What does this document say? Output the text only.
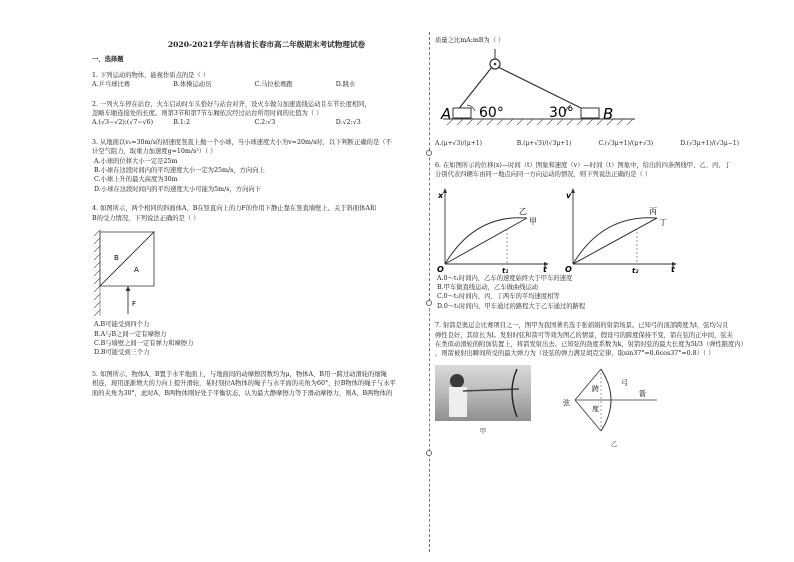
2020-2021学年吉林省长春市高二年级期末考试物理试卷
一、选择题
1. 下列运动的物体，能视作质点的是（ ）
A.乒乓球比赛	B.体操运动员	C.马拉松赛跑	D.跳水
2. 一列火车停在站台，火车启动时车头恰好与站台对齐，设火车做匀加速直线运动且车节长度相同，
忽略车厢连接处的长度。则第3节和第7节车厢依次经过站台所用时间的比值为（ ）
A.(√3−√2):(√7−√6)	B.1:2	C.2:√3	D.√2:√3
3. 从地面以v₀=30m/s的初速度竖直上抛一个小球，当小球速度大小为v=20m/s时，以下判断正确的是（不
计空气阻力，取重力加速度g=10m/s²）（ ）
A.小球的位移大小一定是25m
B.小球在这段时间内的平均速度大小一定为25m/s，方向向上
C.小球上升的最大高度为30m
D.小球在这段时间内的平均速度大小可能为5m/s，方向向下
4. 如图所示，两个相同的斜面体A、B在竖直向上的力F的作用下静止靠在竖直墙壁上。关于斜面体A和
B的受力情况，下列说法正确的是（ ）
B
A
F
A.B可能受到四个力
B.A与B之间一定有摩擦力
C.B与墙壁之间一定有弹力和摩擦力
D.B可能受到三个力
5. 如图所示，物体A、B置于水平地面上，与地面间的动摩擦因数均为μ，物体A、B用一跨过动滑轮的细绳
相连，现用逐渐增大的力向上提升滑轮，某时刻拉A物体的绳子与水平面的夹角为60°，拉B物体的绳子与水平
面的夹角为30°，此时A、B两物体刚好处于平衡状态，认为最大静摩擦力等于滑动摩擦力，则A、B两物体的
质量之比mA:mB为（ ）
A	B
60°	30°
A.(μ+√3)/(μ+1)	B.(μ+√3)/(√3μ+1)	C.(√3μ+1)/(μ+√3)	D.(√3μ+1)/(√3μ−1)
6. 在如图所示的位移(x)—时间（t）图象和速度（v）—时间（t）图象中，给出的四条图线甲、乙、丙、丁
分别代表四辆车由同一地点向同一方向运动的情况，则下列说法正确的是（ ）
x
t
O	t₁
乙
甲
v
t
O	t₂
丙
丁
A.0～t₁时间内，乙车的速度始终大于甲车的速度
B.甲车做直线运动，乙车做曲线运动
C.0～t₂时间内，丙、丁两车的平均速度相等
D.0～t₁时间内，甲车通过的路程大于乙车通过的路程
7. 射箭是奥运会比赛项目之一，图甲为我国著名选手张娟娟的射箭场景。已知弓的顶部跨度为l，弦均匀且
弹性良好，其原长为l。发射时弦和箭可等效为图乙的情景，假设弓的跨度保持不变，箭在弦的正中间，弦夹
在类似动滑轮的附加装置上，将箭发射出去。已知弦的劲度系数为k，射箭时弦的最大长度为5l/3（弹性限度内）
，则箭被射出瞬间所受的最大弹力为（设弦的弹力满足胡克定律，取sin37°=0.6cos37°=0.8）（ ）
甲
弓
箭
弦
跨
度
乙
